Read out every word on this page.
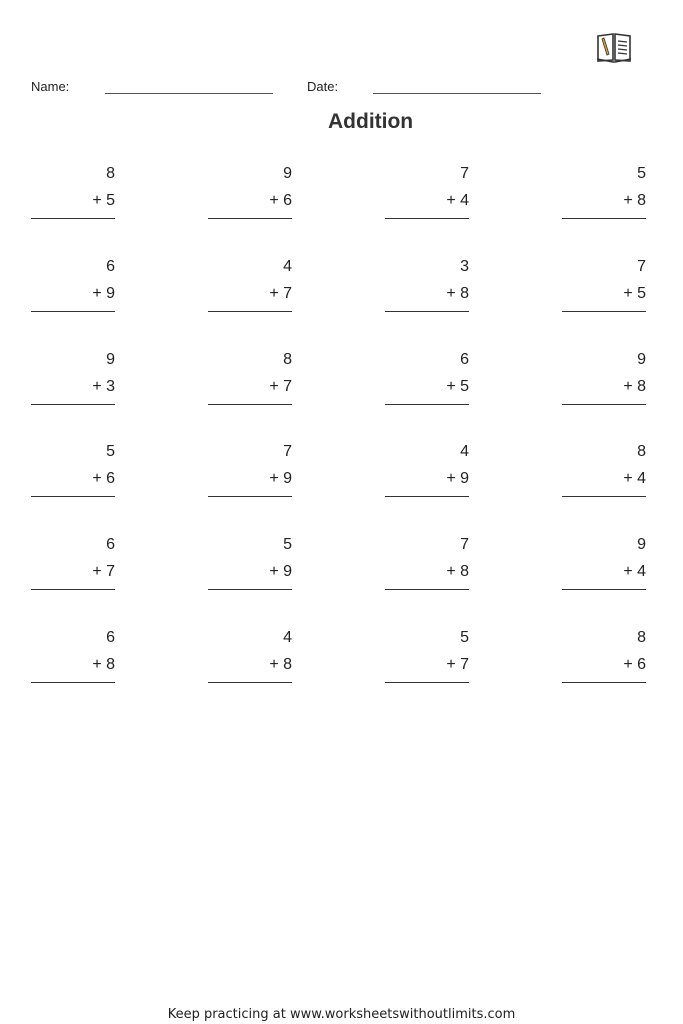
Name:	Date:
Addition
8
+ 5
9
+ 6
7
+ 4
5
+ 8
6
+ 9
4
+ 7
3
+ 8
7
+ 5
9
+ 3
8
+ 7
6
+ 5
9
+ 8
5
+ 6
7
+ 9
4
+ 9
8
+ 4
6
+ 7
5
+ 9
7
+ 8
9
+ 4
6
+ 8
4
+ 8
5
+ 7
8
+ 6
Keep practicing at www.worksheetswithoutlimits.com
